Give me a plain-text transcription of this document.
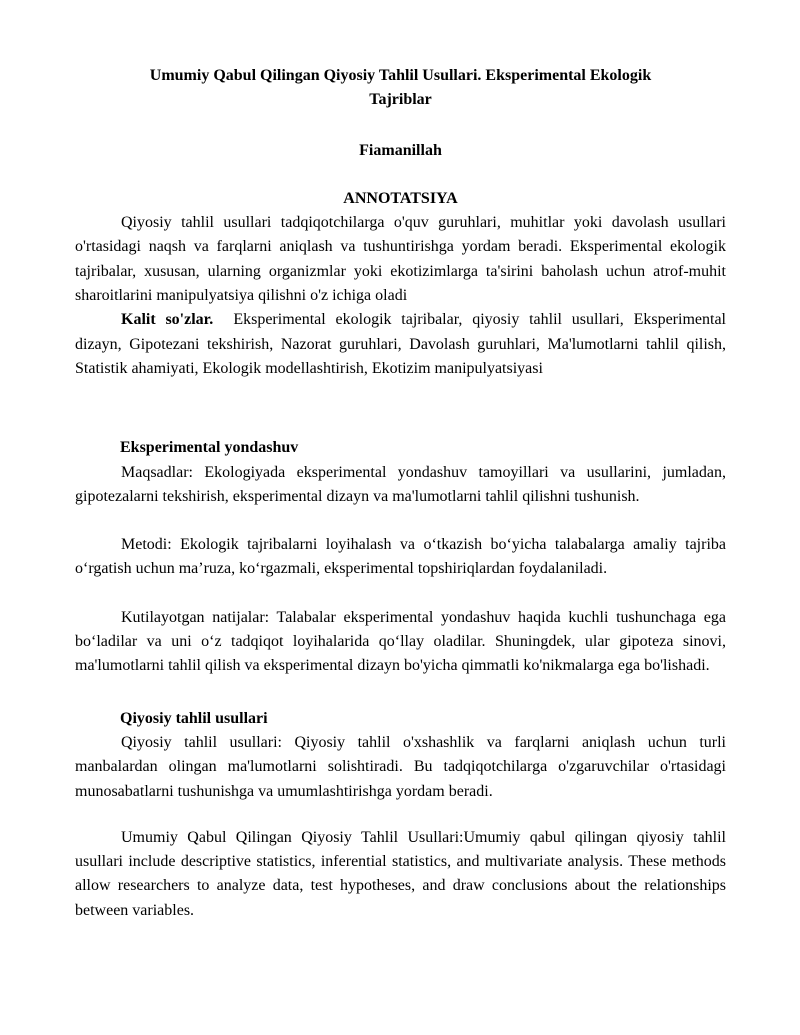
Umumiy Qabul Qilingan Qiyosiy Tahlil Usullari. Eksperimental Ekologik
Tajriblar
Fiamanillah
ANNOTATSIYA

Qiyosiy tahlil usullari tadqiqotchilarga o'quv guruhlari, muhitlar yoki davolash usullari o'rtasidagi naqsh va farqlarni aniqlash va tushuntirishga yordam beradi. Eksperimental ekologik tajribalar, xususan, ularning organizmlar yoki ekotizimlarga ta'sirini baholash uchun atrof-muhit sharoitlarini manipulyatsiya qilishni o'z ichiga oladi

Kalit so'zlar. Eksperimental ekologik tajribalar, qiyosiy tahlil usullari, Eksperimental dizayn, Gipotezani tekshirish, Nazorat guruhlari, Davolash guruhlari, Ma'lumotlarni tahlil qilish, Statistik ahamiyati, Ekologik modellashtirish, Ekotizim manipulyatsiyasi

Eksperimental yondashuv

Maqsadlar: Ekologiyada eksperimental yondashuv tamoyillari va usullarini, jumladan, gipotezalarni tekshirish, eksperimental dizayn va ma'lumotlarni tahlil qilishni tushunish.

Metodi: Ekologik tajribalarni loyihalash va o‘tkazish bo‘yicha talabalarga amaliy tajriba o‘rgatish uchun ma’ruza, ko‘rgazmali, eksperimental topshiriqlardan foydalaniladi.

Kutilayotgan natijalar: Talabalar eksperimental yondashuv haqida kuchli tushunchaga ega bo‘ladilar va uni o‘z tadqiqot loyihalarida qo‘llay oladilar. Shuningdek, ular gipoteza sinovi, ma'lumotlarni tahlil qilish va eksperimental dizayn bo'yicha qimmatli ko'nikmalarga ega bo'lishadi.

Qiyosiy tahlil usullari

Qiyosiy tahlil usullari: Qiyosiy tahlil o'xshashlik va farqlarni aniqlash uchun turli manbalardan olingan ma'lumotlarni solishtiradi. Bu tadqiqotchilarga o'zgaruvchilar o'rtasidagi munosabatlarni tushunishga va umumlashtirishga yordam beradi.

Umumiy Qabul Qilingan Qiyosiy Tahlil Usullari:Umumiy qabul qilingan qiyosiy tahlil usullari include descriptive statistics, inferential statistics, and multivariate analysis. These methods allow researchers to analyze data, test hypotheses, and draw conclusions about the relationships between variables.
